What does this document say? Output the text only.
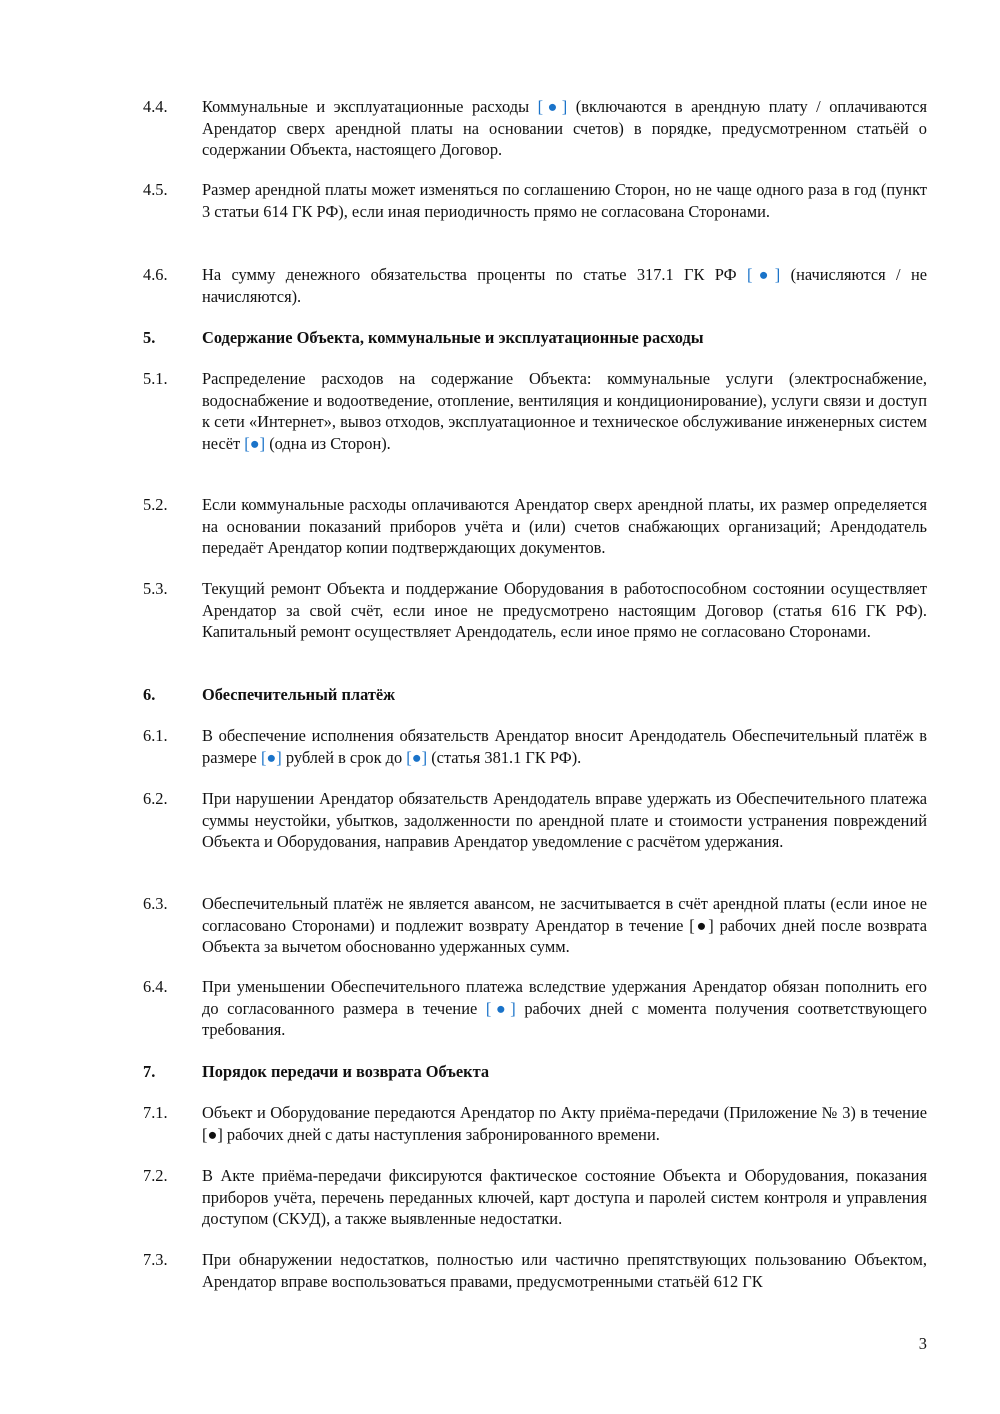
4.4.	Коммунальные и эксплуатационные расходы [●] (включаются в арендную плату / оплачиваются Арендатор сверх арендной платы на основании счетов) в порядке, предусмотренном статьёй о содержании Объекта, настоящего Договор.
4.5.	Размер арендной платы может изменяться по соглашению Сторон, но не чаще одного раза в год (пункт 3 статьи 614 ГК РФ), если иная периодичность прямо не согласована Сторонами.
4.6.	На сумму денежного обязательства проценты по статье 317.1 ГК РФ [●] (начисляются / не начисляются).
5.	Содержание Объекта, коммунальные и эксплуатационные расходы
5.1.	Распределение расходов на содержание Объекта: коммунальные услуги (электроснабжение, водоснабжение и водоотведение, отопление, вентиляция и кондиционирование), услуги связи и доступ к сети «Интернет», вывоз отходов, эксплуатационное и техническое обслуживание инженерных систем несёт [●] (одна из Сторон).
5.2.	Если коммунальные расходы оплачиваются Арендатор сверх арендной платы, их размер определяется на основании показаний приборов учёта и (или) счетов снабжающих организаций; Арендодатель передаёт Арендатор копии подтверждающих документов.
5.3.	Текущий ремонт Объекта и поддержание Оборудования в работоспособном состоянии осуществляет Арендатор за свой счёт, если иное не предусмотрено настоящим Договор (статья 616 ГК РФ). Капитальный ремонт осуществляет Арендодатель, если иное прямо не согласовано Сторонами.
6.	Обеспечительный платёж
6.1.	В обеспечение исполнения обязательств Арендатор вносит Арендодатель Обеспечительный платёж в размере [●] рублей в срок до [●] (статья 381.1 ГК РФ).
6.2.	При нарушении Арендатор обязательств Арендодатель вправе удержать из Обеспечительного платежа суммы неустойки, убытков, задолженности по арендной плате и стоимости устранения повреждений Объекта и Оборудования, направив Арендатор уведомление с расчётом удержания.
6.3.	Обеспечительный платёж не является авансом, не засчитывается в счёт арендной платы (если иное не согласовано Сторонами) и подлежит возврату Арендатор в течение [●] рабочих дней после возврата Объекта за вычетом обоснованно удержанных сумм.
6.4.	При уменьшении Обеспечительного платежа вследствие удержания Арендатор обязан пополнить его до согласованного размера в течение [●] рабочих дней с момента получения соответствующего требования.
7.	Порядок передачи и возврата Объекта
7.1.	Объект и Оборудование передаются Арендатор по Акту приёма-передачи (Приложение № 3) в течение [●] рабочих дней с даты наступления забронированного времени.
7.2.	В Акте приёма-передачи фиксируются фактическое состояние Объекта и Оборудования, показания приборов учёта, перечень переданных ключей, карт доступа и паролей систем контроля и управления доступом (СКУД), а также выявленные недостатки.
7.3.	При обнаружении недостатков, полностью или частично препятствующих пользованию Объектом, Арендатор вправе воспользоваться правами, предусмотренными статьёй 612 ГК
3
